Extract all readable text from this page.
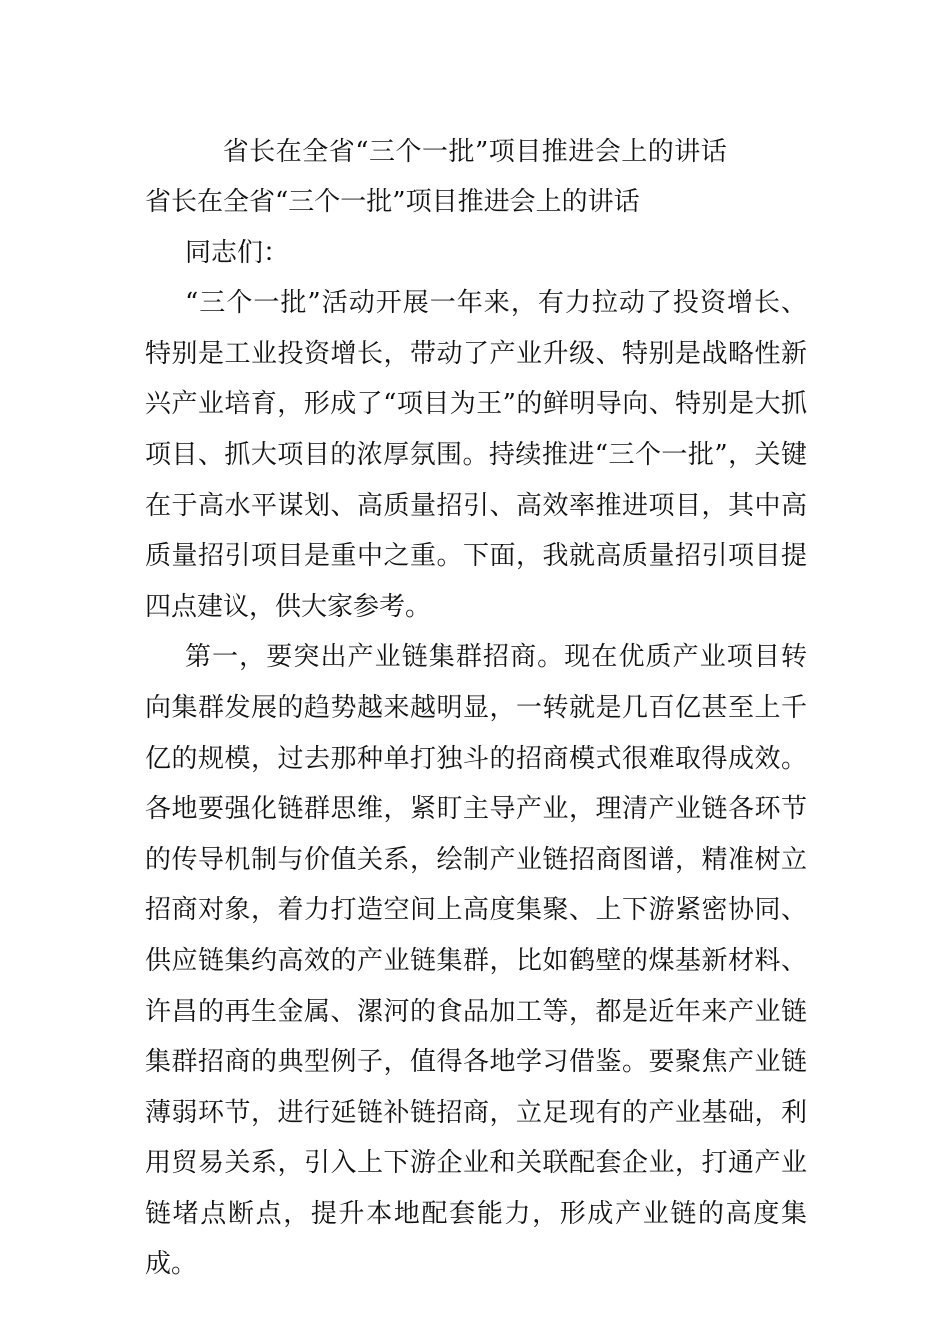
省长在全省“三个一批”项目推进会上的讲话

省长在全省“三个一批”项目推进会上的讲话

同志们：

“三个一批”活动开展一年来，有力拉动了投资增长、特别是工业投资增长，带动了产业升级、特别是战略性新兴产业培育，形成了“项目为王”的鲜明导向、特别是大抓项目、抓大项目的浓厚氛围。持续推进“三个一批”，关键在于高水平谋划、高质量招引、高效率推进项目，其中高质量招引项目是重中之重。下面，我就高质量招引项目提四点建议，供大家参考。

第一，要突出产业链集群招商。现在优质产业项目转向集群发展的趋势越来越明显，一转就是几百亿甚至上千亿的规模，过去那种单打独斗的招商模式很难取得成效。各地要强化链群思维，紧盯主导产业，理清产业链各环节的传导机制与价值关系，绘制产业链招商图谱，精准树立招商对象，着力打造空间上高度集聚、上下游紧密协同、供应链集约高效的产业链集群，比如鹤壁的煤基新材料、许昌的再生金属、漯河的食品加工等，都是近年来产业链集群招商的典型例子，值得各地学习借鉴。要聚焦产业链薄弱环节，进行延链补链招商，立足现有的产业基础，利用贸易关系，引入上下游企业和关联配套企业，打通产业链堵点断点，提升本地配套能力，形成产业链的高度集成。
